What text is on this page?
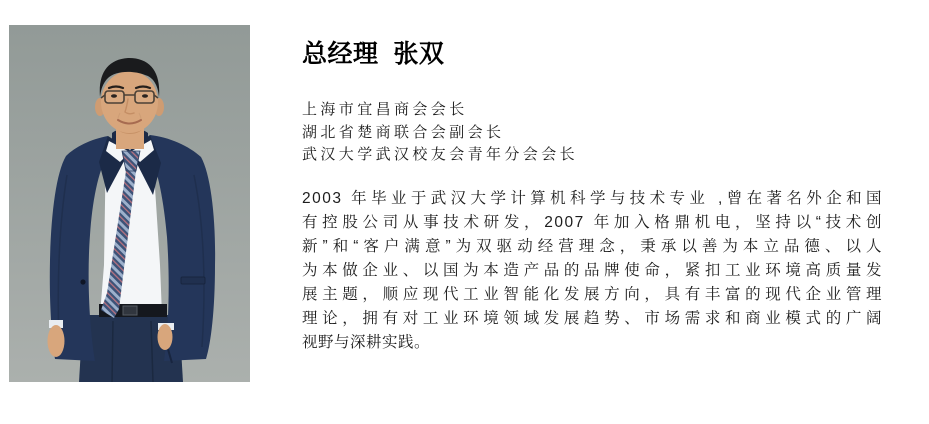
总经理  张双
上海市宜昌商会会长
湖北省楚商联合会副会长
武汉大学武汉校友会青年分会会长
2003 年毕业于武汉大学计算机科学与技术专业 ,曾在著名外企和国
有控股公司从事技术研发，2007 年加入格鼎机电，坚持以“技术创
新”和“客户满意”为双驱动经营理念，秉承以善为本立品德、以人
为本做企业、以国为本造产品的品牌使命，紧扣工业环境高质量发
展主题，顺应现代工业智能化发展方向，具有丰富的现代企业管理
理论，拥有对工业环境领域发展趋势、市场需求和商业模式的广阔
视野与深耕实践。
